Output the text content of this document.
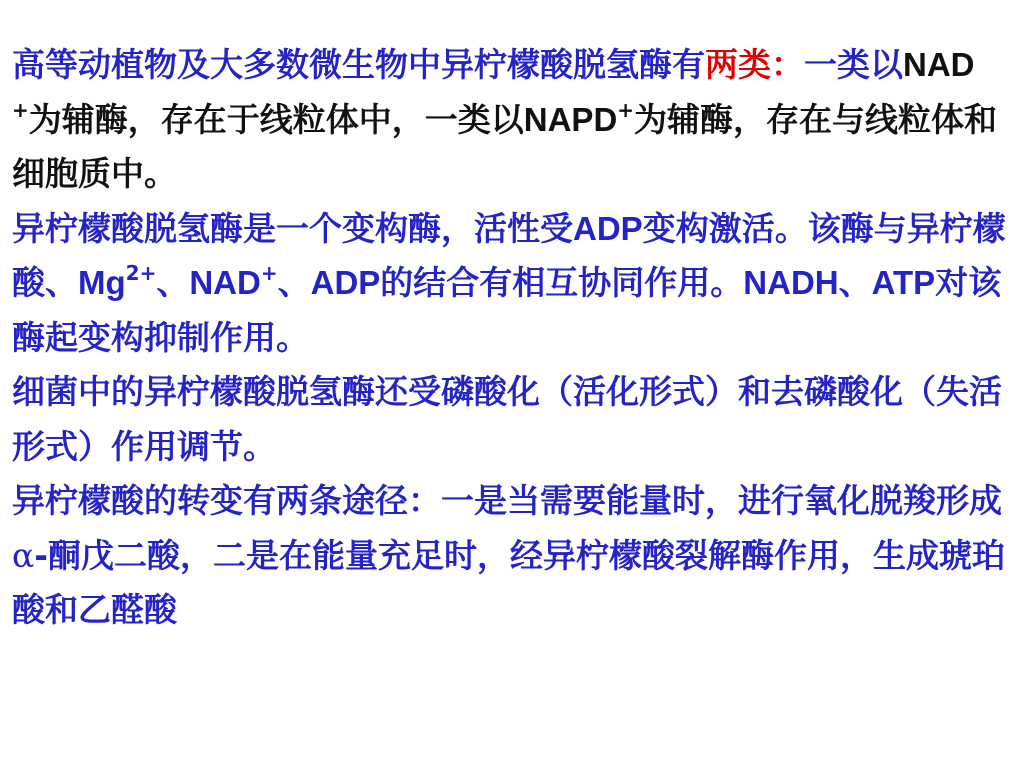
高等动植物及大多数微生物中异柠檬酸脱氢酶有两类：一类以NAD+为辅酶，存在于线粒体中，一类以NAPD+为辅酶，存在与线粒体和细胞质中。

异柠檬酸脱氢酶是一个变构酶，活性受ADP变构激活。该酶与异柠檬酸、$Mg^{2+}$、NAD+、ADP的结合有相互协同作用。NADH、ATP对该酶起变构抑制作用。

细菌中的异柠檬酸脱氢酶还受磷酸化（活化形式）和去磷酸化（失活形式）作用调节。

异柠檬酸的转变有两条途径：一是当需要能量时，进行氧化脱羧形成α-酮戊二酸，二是在能量充足时，经异柠檬酸裂解酶作用，生成琥珀酸和乙醛酸
